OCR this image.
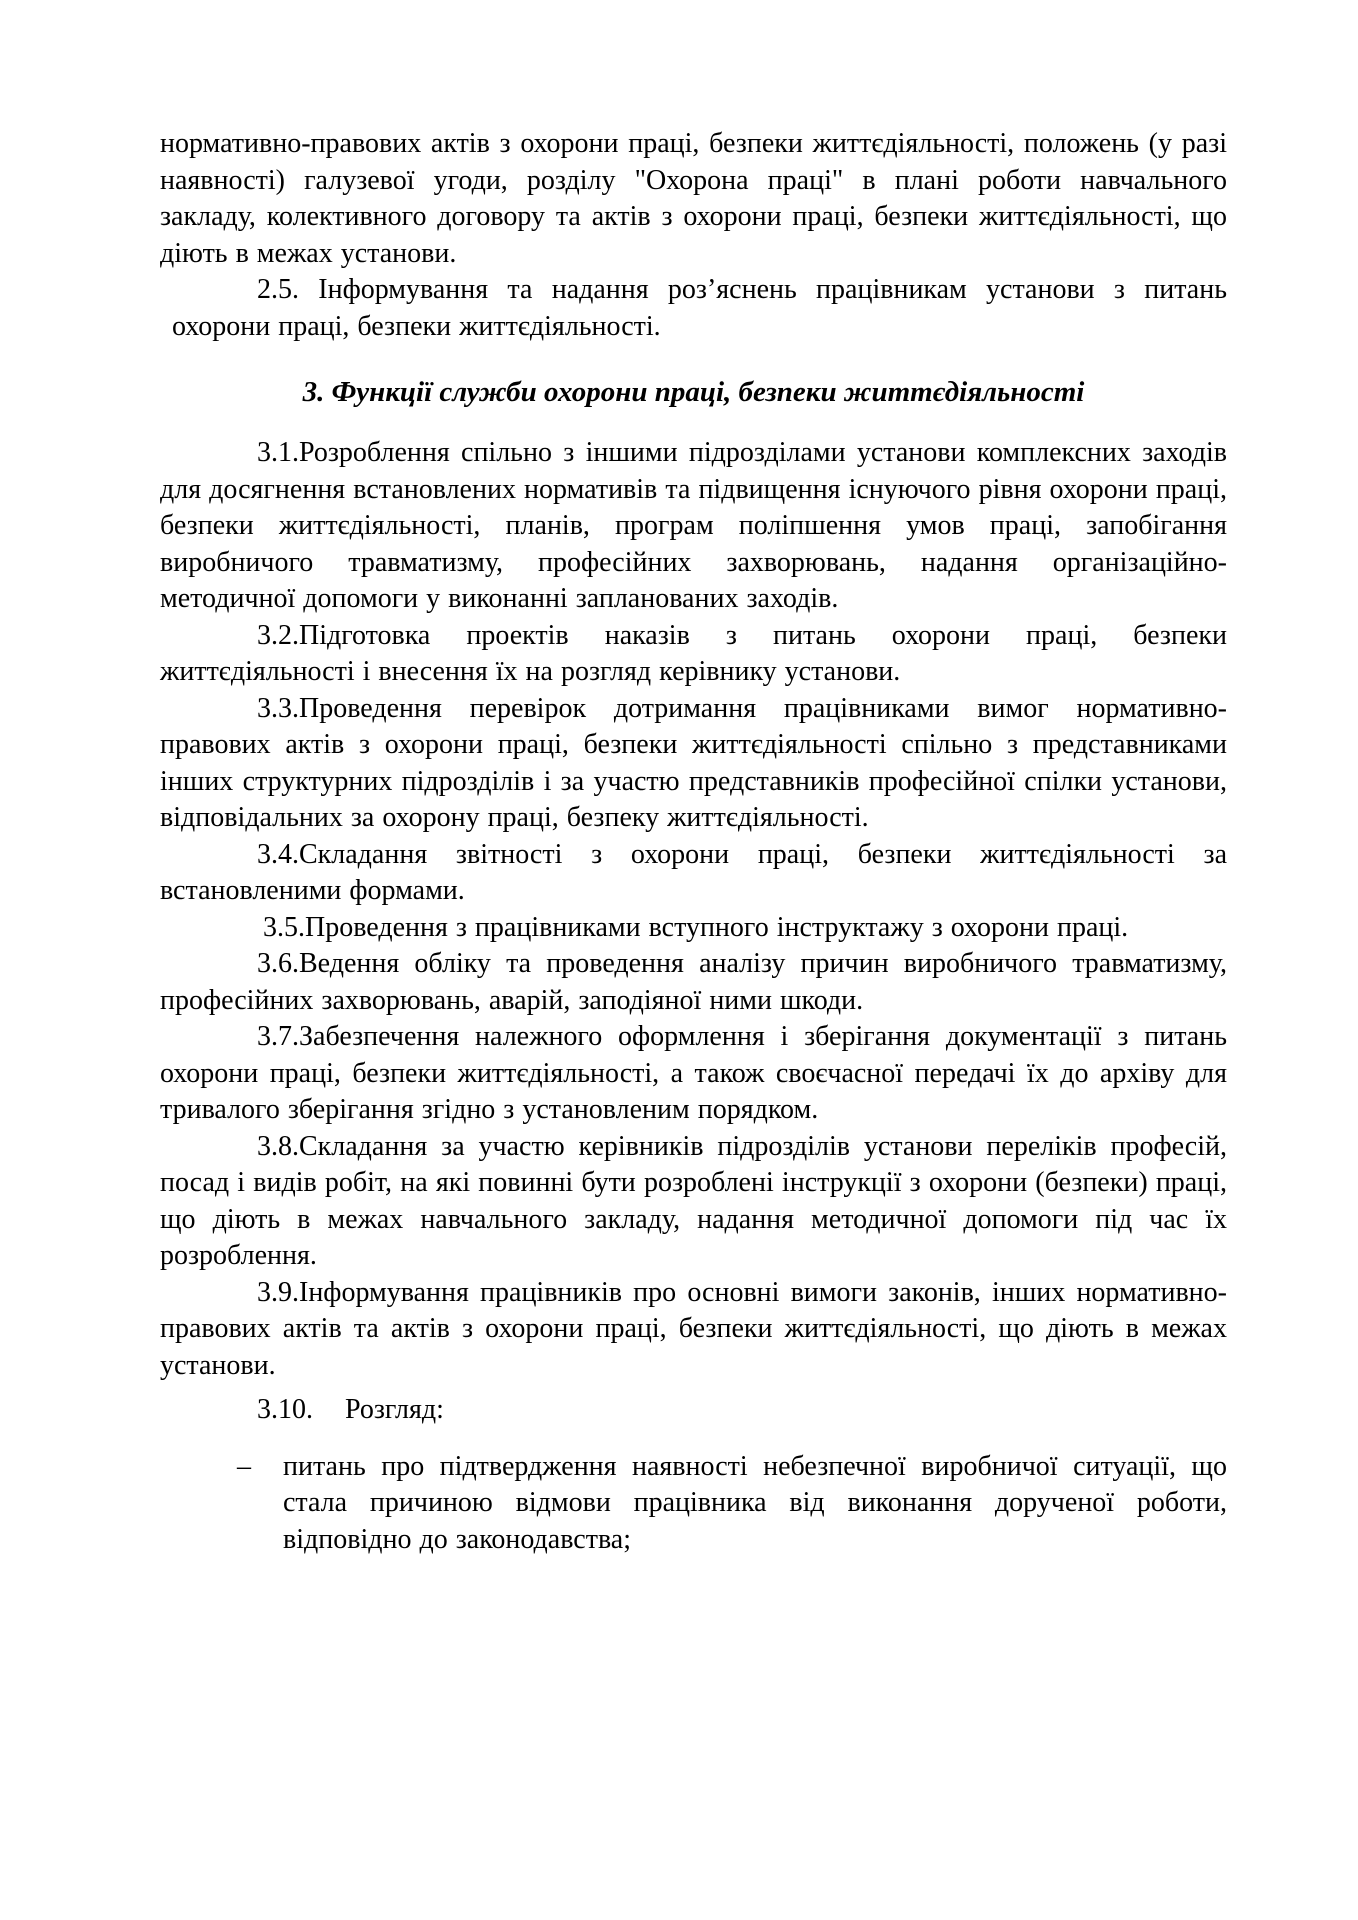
нормативно-правових актів з охорони праці, безпеки життєдіяльності, положень (у разі наявності) галузевої угоди, розділу "Охорона праці" в плані роботи навчального закладу, колективного договору та актів з охорони праці, безпеки життєдіяльності, що діють в межах установи.

2.5. Інформування та надання роз’яснень працівникам установи з питань охорони праці, безпеки життєдіяльності.

3. Функції служби охорони праці, безпеки життєдіяльності

3.1.Розроблення спільно з іншими підрозділами установи комплексних заходів для досягнення встановлених нормативів та підвищення існуючого рівня охорони праці, безпеки життєдіяльності, планів, програм поліпшення умов праці, запобігання виробничого травматизму, професійних захворювань, надання організаційно-методичної допомоги у виконанні запланованих заходів.

3.2.Підготовка проектів наказів з питань охорони праці, безпеки життєдіяльності і внесення їх на розгляд керівнику установи.

3.3.Проведення перевірок дотримання працівниками вимог нормативно-правових актів з охорони праці, безпеки життєдіяльності спільно з представниками інших структурних підрозділів і за участю представників професійної спілки установи, відповідальних за охорону праці, безпеку життєдіяльності.

3.4.Складання звітності з охорони праці, безпеки життєдіяльності за встановленими формами.

3.5.Проведення з працівниками вступного інструктажу з охорони праці.

3.6.Ведення обліку та проведення аналізу причин виробничого травматизму, професійних захворювань, аварій, заподіяної ними шкоди.

3.7.Забезпечення належного оформлення і зберігання документації з питань охорони праці, безпеки життєдіяльності, а також своєчасної передачі їх до архіву для тривалого зберігання згідно з установленим порядком.

3.8.Складання за участю керівників підрозділів установи переліків професій, посад і видів робіт, на які повинні бути розроблені інструкції з охорони (безпеки) праці, що діють в межах навчального закладу, надання методичної допомоги під час їх розроблення.

3.9.Інформування працівників про основні вимоги законів, інших нормативно-правових актів та актів з охорони праці, безпеки життєдіяльності, що діють в межах установи.

3.10. Розгляд:

–	питань про підтвердження наявності небезпечної виробничої ситуації, що стала причиною відмови працівника від виконання дорученої роботи, відповідно до законодавства;
